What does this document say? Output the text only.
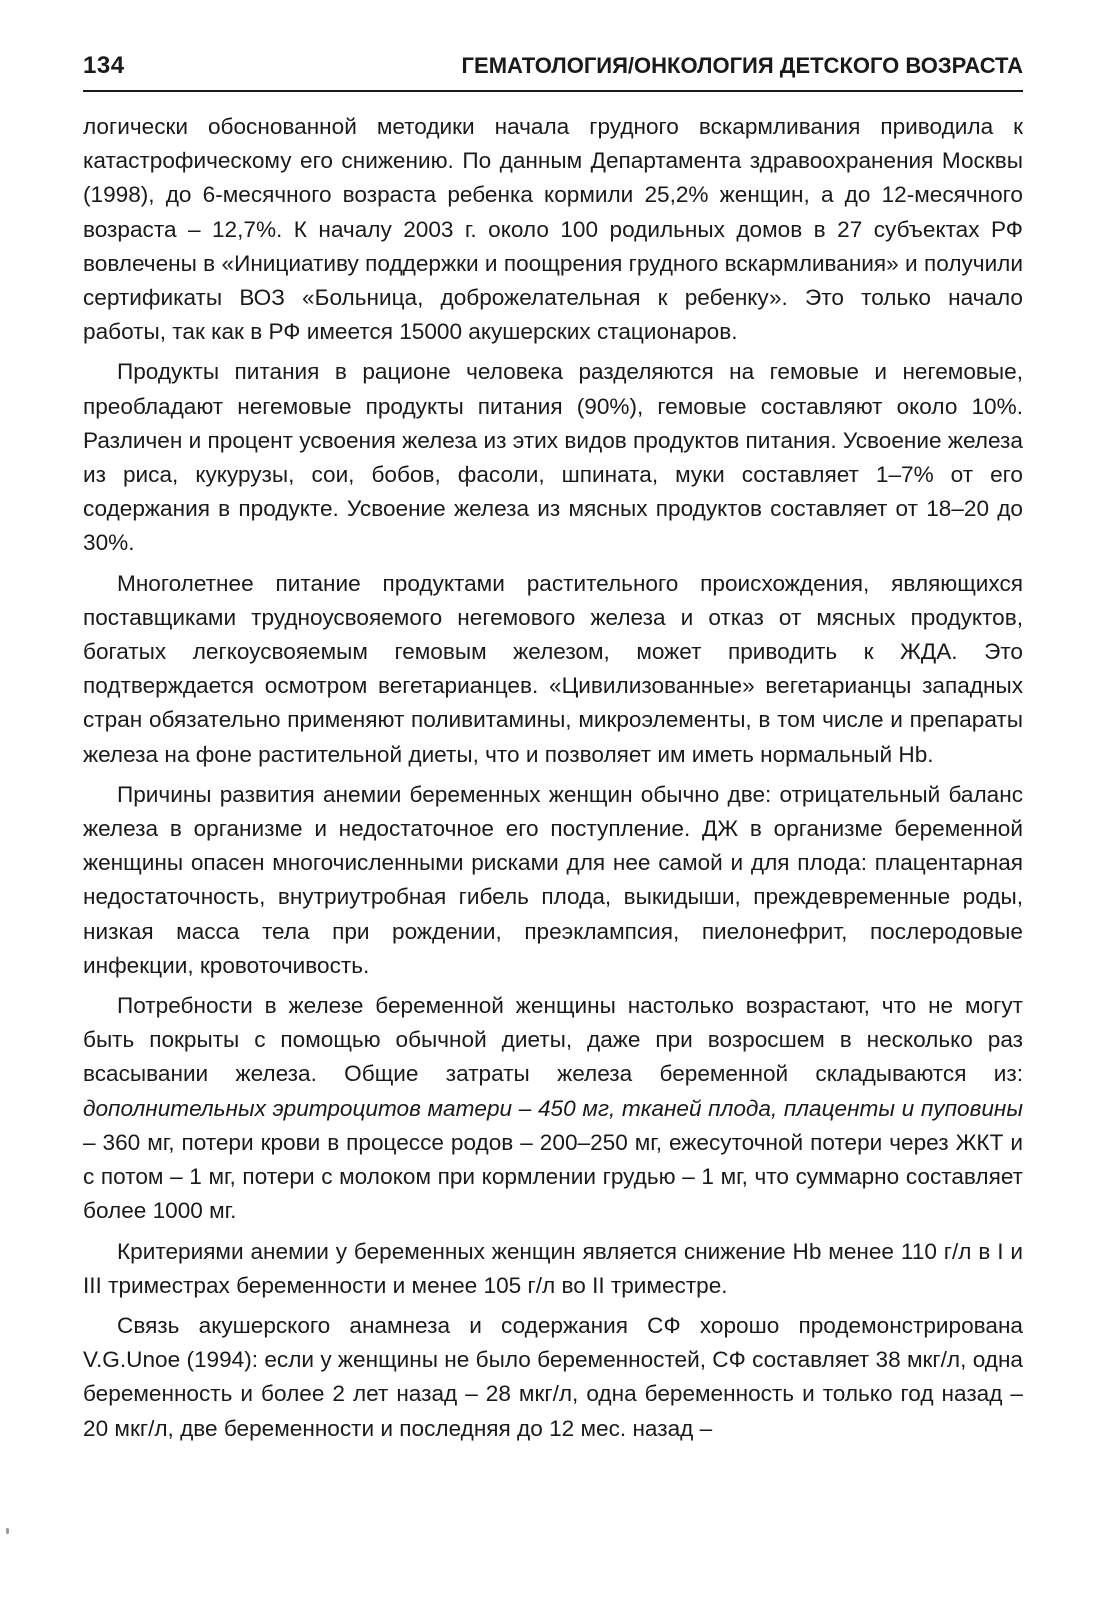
134	ГЕМАТОЛОГИЯ/ОНКОЛОГИЯ ДЕТСКОГО ВОЗРАСТА

логически обоснованной методики начала грудного вскармливания приводила к катастрофическому его снижению. По данным Департамента здравоохранения Москвы (1998), до 6-месячного возраста ребенка кормили 25,2% женщин, а до 12-месячного возраста – 12,7%. К началу 2003 г. около 100 родильных домов в 27 субъектах РФ вовлечены в «Инициативу поддержки и поощрения грудного вскармливания» и получили сертификаты ВОЗ «Больница, доброжелательная к ребенку». Это только начало работы, так как в РФ имеется 15000 акушерских стационаров.

Продукты питания в рационе человека разделяются на гемовые и негемовые, преобладают негемовые продукты питания (90%), гемовые составляют около 10%. Различен и процент усвоения железа из этих видов продуктов питания. Усвоение железа из риса, кукурузы, сои, бобов, фасоли, шпината, муки составляет 1–7% от его содержания в продукте. Усвоение железа из мясных продуктов составляет от 18–20 до 30%.

Многолетнее питание продуктами растительного происхождения, являющихся поставщиками трудноусвояемого негемового железа и отказ от мясных продуктов, богатых легкоусвояемым гемовым железом, может приводить к ЖДА. Это подтверждается осмотром вегетарианцев. «Цивилизованные» вегетарианцы западных стран обязательно применяют поливитамины, микроэлементы, в том числе и препараты железа на фоне растительной диеты, что и позволяет им иметь нормальный Hb.

Причины развития анемии беременных женщин обычно две: отрицательный баланс железа в организме и недостаточное его поступление. ДЖ в организме беременной женщины опасен многочисленными рисками для нее самой и для плода: плацентарная недостаточность, внутриутробная гибель плода, выкидыши, преждевременные роды, низкая масса тела при рождении, преэклампсия, пиелонефрит, послеродовые инфекции, кровоточивость.

Потребности в железе беременной женщины настолько возрастают, что не могут быть покрыты с помощью обычной диеты, даже при возросшем в несколько раз всасывании железа. Общие затраты железа беременной складываются из: дополнительных эритроцитов матери – 450 мг, тканей плода, плаценты и пуповины – 360 мг, потери крови в процессе родов – 200–250 мг, ежесуточной потери через ЖКТ и с потом – 1 мг, потери с молоком при кормлении грудью – 1 мг, что суммарно составляет более 1000 мг.

Критериями анемии у беременных женщин является снижение Hb менее 110 г/л в I и III триместрах беременности и менее 105 г/л во II триместре.

Связь акушерского анамнеза и содержания СФ хорошо продемонстрирована V.G.Unoe (1994): если у женщины не было беременностей, СФ составляет 38 мкг/л, одна беременность и более 2 лет назад – 28 мкг/л, одна беременность и только год назад – 20 мкг/л, две беременности и последняя до 12 мес. назад –
